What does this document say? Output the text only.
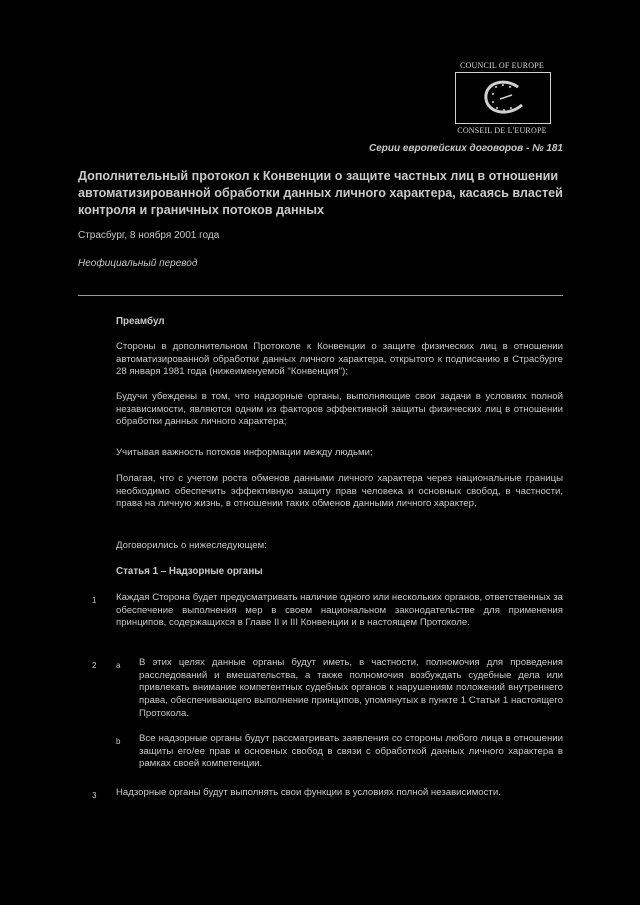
COUNCIL OF EUROPE
CONSEIL DE L'EUROPE
Серии европейских договоров - № 181
Дополнительный протокол к Конвенции о защите частных лиц в отношении автоматизированной обработки данных личного характера, касаясь властей контроля и граничных потоков данных
Страсбург, 8 ноября 2001 года
Неофициальный перевод
Преамбул
Стороны в дополнительном Протоколе к Конвенции о защите физических лиц в отношении автоматизированной обработки данных личного характера, открытого к подписанию в Страсбурге 28 января 1981 года (нижеименуемой "Конвенция");
Будучи убеждены в том, что надзорные органы, выполняющие свои задачи в условиях полной независимости, являются одним из факторов эффективной защиты физических лиц в отношении обработки данных личного характера;
Учитывая важность потоков информации между людьми;
Полагая, что с учетом роста обменов данными личного характера через национальные границы необходимо обеспечить эффективную защиту прав человека и основных свобод, в частности, права на личную жизнь, в отношении таких обменов данными личного характер,
Договорились о нижеследующем:
Статья 1 – Надзорные органы
1 Каждая Сторона будет предусматривать наличие одного или нескольких органов, ответственных за обеспечение выполнения мер в своем национальном законодательстве для применения принципов, содержащихся в Главе II и III Конвенции и в настоящем Протоколе.
2 a В этих целях данные органы будут иметь, в частности, полномочия для проведения расследований и вмешательства, а также полномочия возбуждать судебные дела или привлекать внимание компетентных судебных органов к нарушениям положений внутреннего права, обеспечивающего выполнение принципов, упомянутых в пункте 1 Статьи 1 настоящего Протокола.
b Все надзорные органы будут рассматривать заявления со стороны любого лица в отношении защиты его/ее прав и основных свобод в связи с обработкой данных личного характера в рамках своей компетенции.
3 Надзорные органы будут выполнять свои функции в условиях полной независимости.
